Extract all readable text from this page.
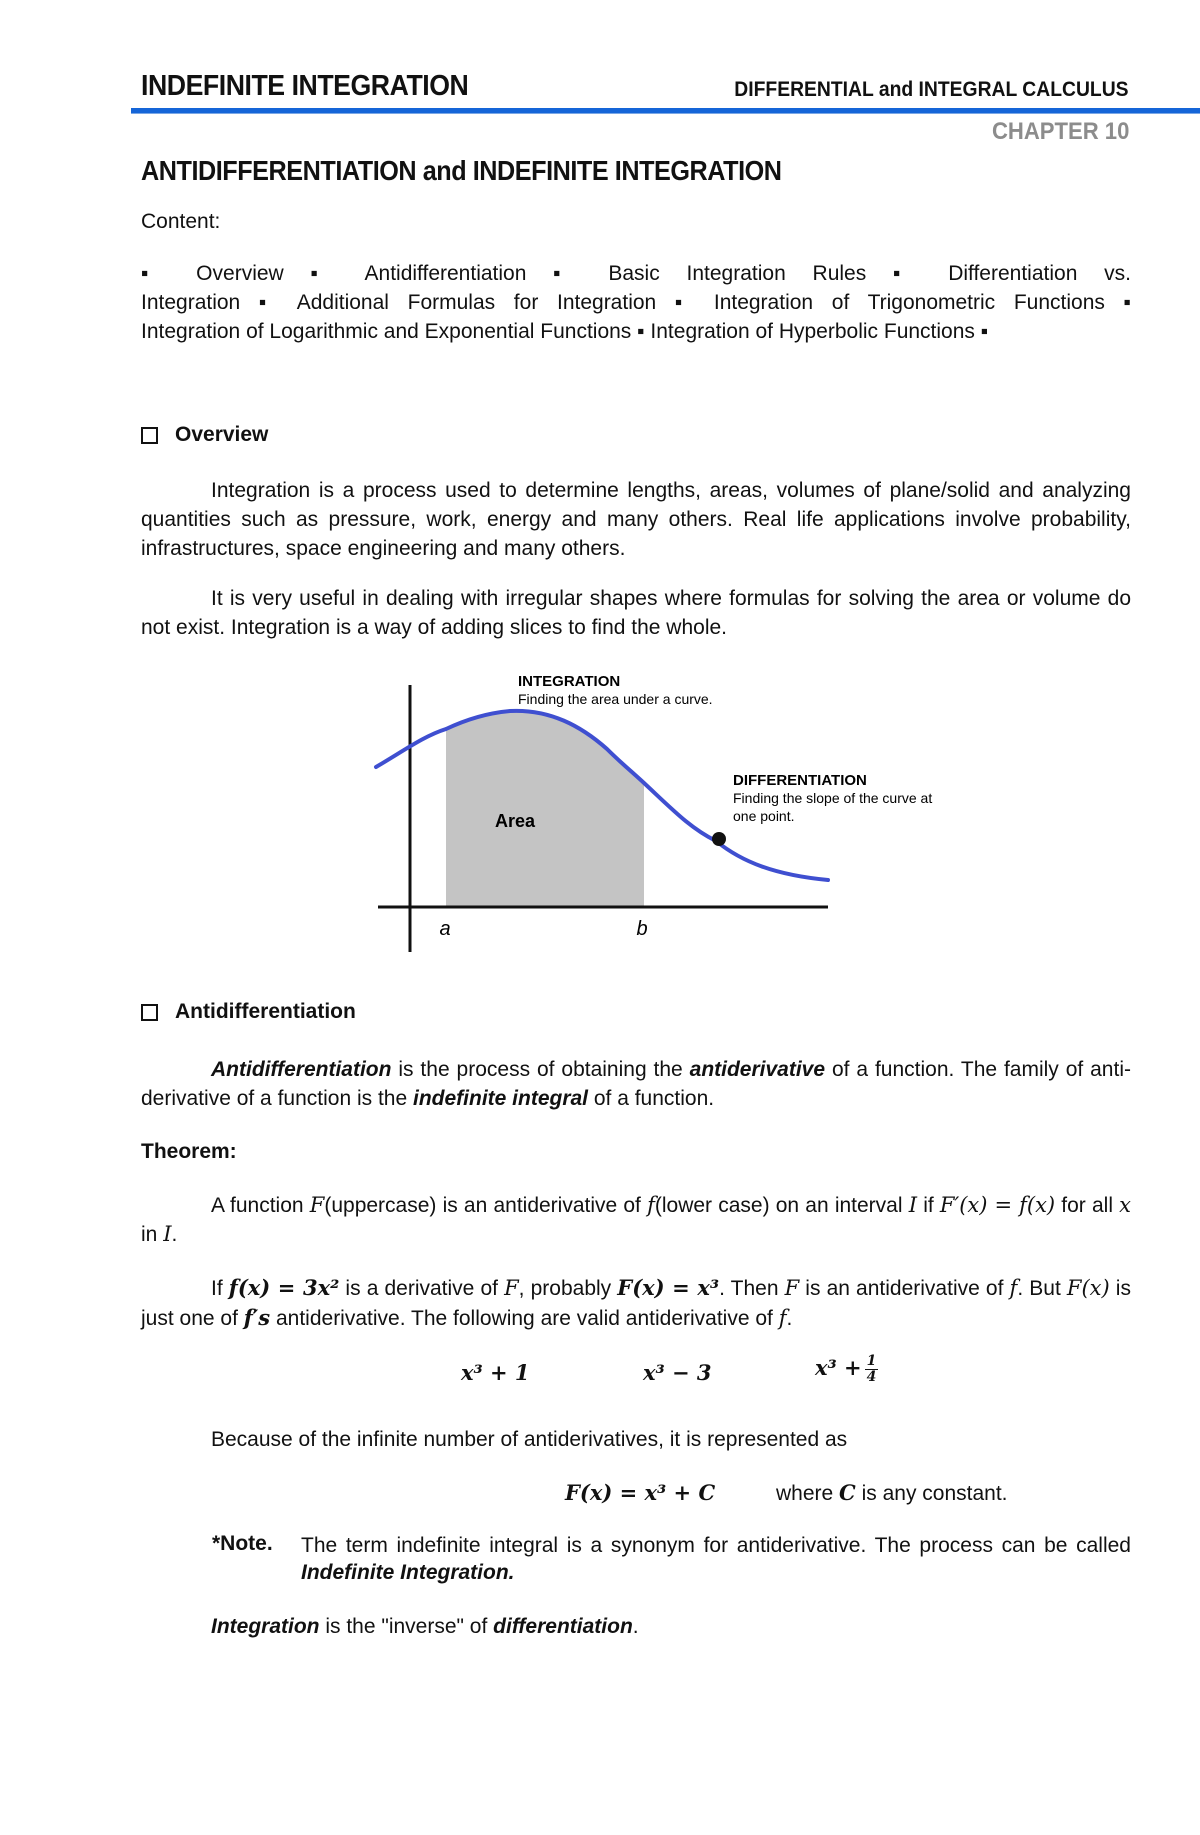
INDEFINITE INTEGRATION	DIFFERENTIAL and INTEGRAL CALCULUS
CHAPTER 10
ANTIDIFFERENTIATION and INDEFINITE INTEGRATION
Content:
▪ Overview ▪ Antidifferentiation ▪ Basic Integration Rules ▪ Differentiation vs.
Integration ▪ Additional Formulas for Integration ▪ Integration of Trigonometric Functions ▪
Integration of Logarithmic and Exponential Functions ▪ Integration of Hyperbolic Functions ▪
Overview
Integration is a process used to determine lengths, areas, volumes of plane/solid and analyzing quantities such as pressure, work, energy and many others. Real life applications involve probability, infrastructures, space engineering and many others.
It is very useful in dealing with irregular shapes where formulas for solving the area or volume do not exist. Integration is a way of adding slices to find the whole.
Area
a	b
INTEGRATION
Finding the area under a curve.
DIFFERENTIATION
Finding the slope of the curve at
one point.
Antidifferentiation
Antidifferentiation is the process of obtaining the antiderivative of a function. The family of anti-derivative of a function is the indefinite integral of a function.
Theorem:
A function F(uppercase) is an antiderivative of f(lower case) on an interval I if F′(x) = f(x) for all x in I.
If f(x) = 3x² is a derivative of F, probably F(x) = x³. Then F is an antiderivative of f. But F(x) is just one of f′s antiderivative. The following are valid antiderivative of f.
x³ + 1	x³ − 3	$x^3 + \frac{1}{4}$
Because of the infinite number of antiderivatives, it is represented as
F(x) = x³ + C	where C is any constant.
*Note. The term indefinite integral is a synonym for antiderivative. The process can be called Indefinite Integration.
Integration is the "inverse" of differentiation.
